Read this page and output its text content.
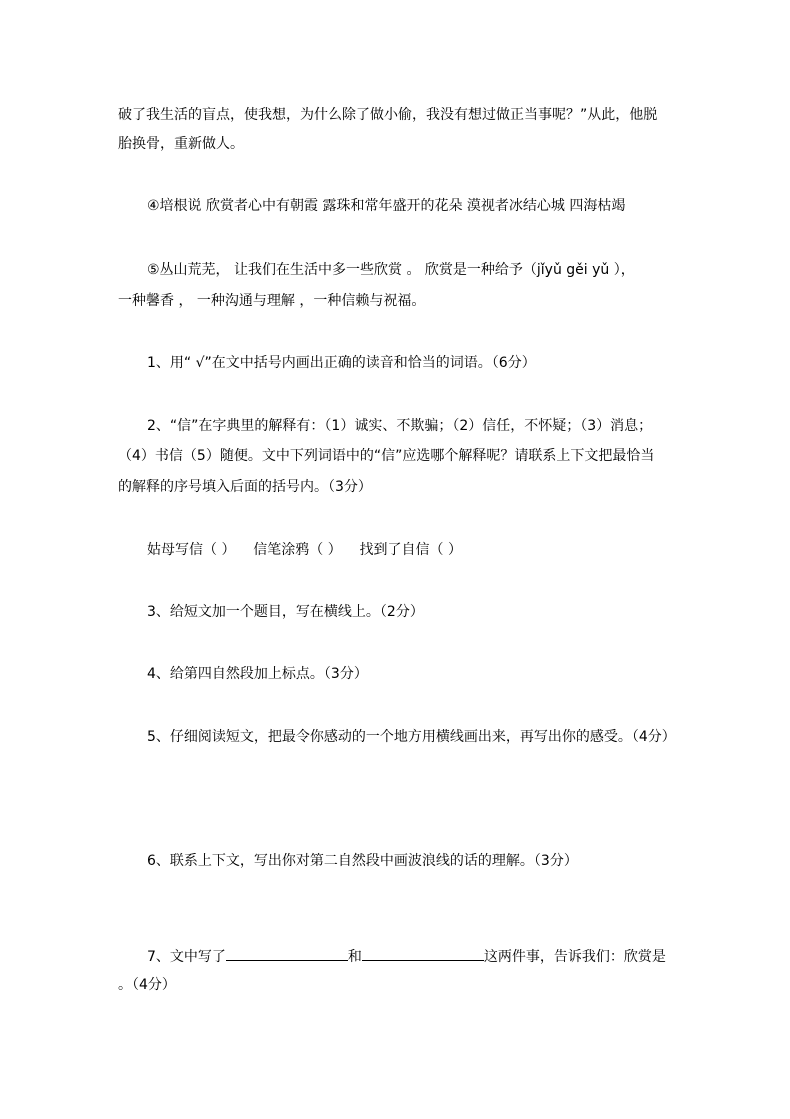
破了我生活的盲点，使我想，为什么除了做小偷，我没有想过做正当事呢？”从此，他脱
胎换骨，重新做人。
④培根说 欣赏者心中有朝霞 露珠和常年盛开的花朵 漠视者冰结心城 四海枯竭
⑤丛山荒芜， 让我们在生活中多一些欣赏 。 欣赏是一种给予（jǐyǔ gěi yǔ ），
一种馨香 ， 一种沟通与理解 ，一种信赖与祝福。
1、用“ √”在文中括号内画出正确的读音和恰当的词语。（6分）
2、“信”在字典里的解释有：（1）诚实、不欺骗；（2）信任，不怀疑；（3）消息；
（4）书信（5）随便。文中下列词语中的“信”应选哪个解释呢？请联系上下文把最恰当
的解释的序号填入后面的括号内。（3分）
姑母写信（ ）    信笔涂鸦（ ）    找到了自信（ ）
3、给短文加一个题目，写在横线上。（2分）
4、给第四自然段加上标点。（3分）
5、仔细阅读短文，把最令你感动的一个地方用横线画出来，再写出你的感受。（4分）
6、联系上下文，写出你对第二自然段中画波浪线的话的理解。（3分）
7、文中写了	和	这两件事，告诉我们：欣赏是
。（4分）
